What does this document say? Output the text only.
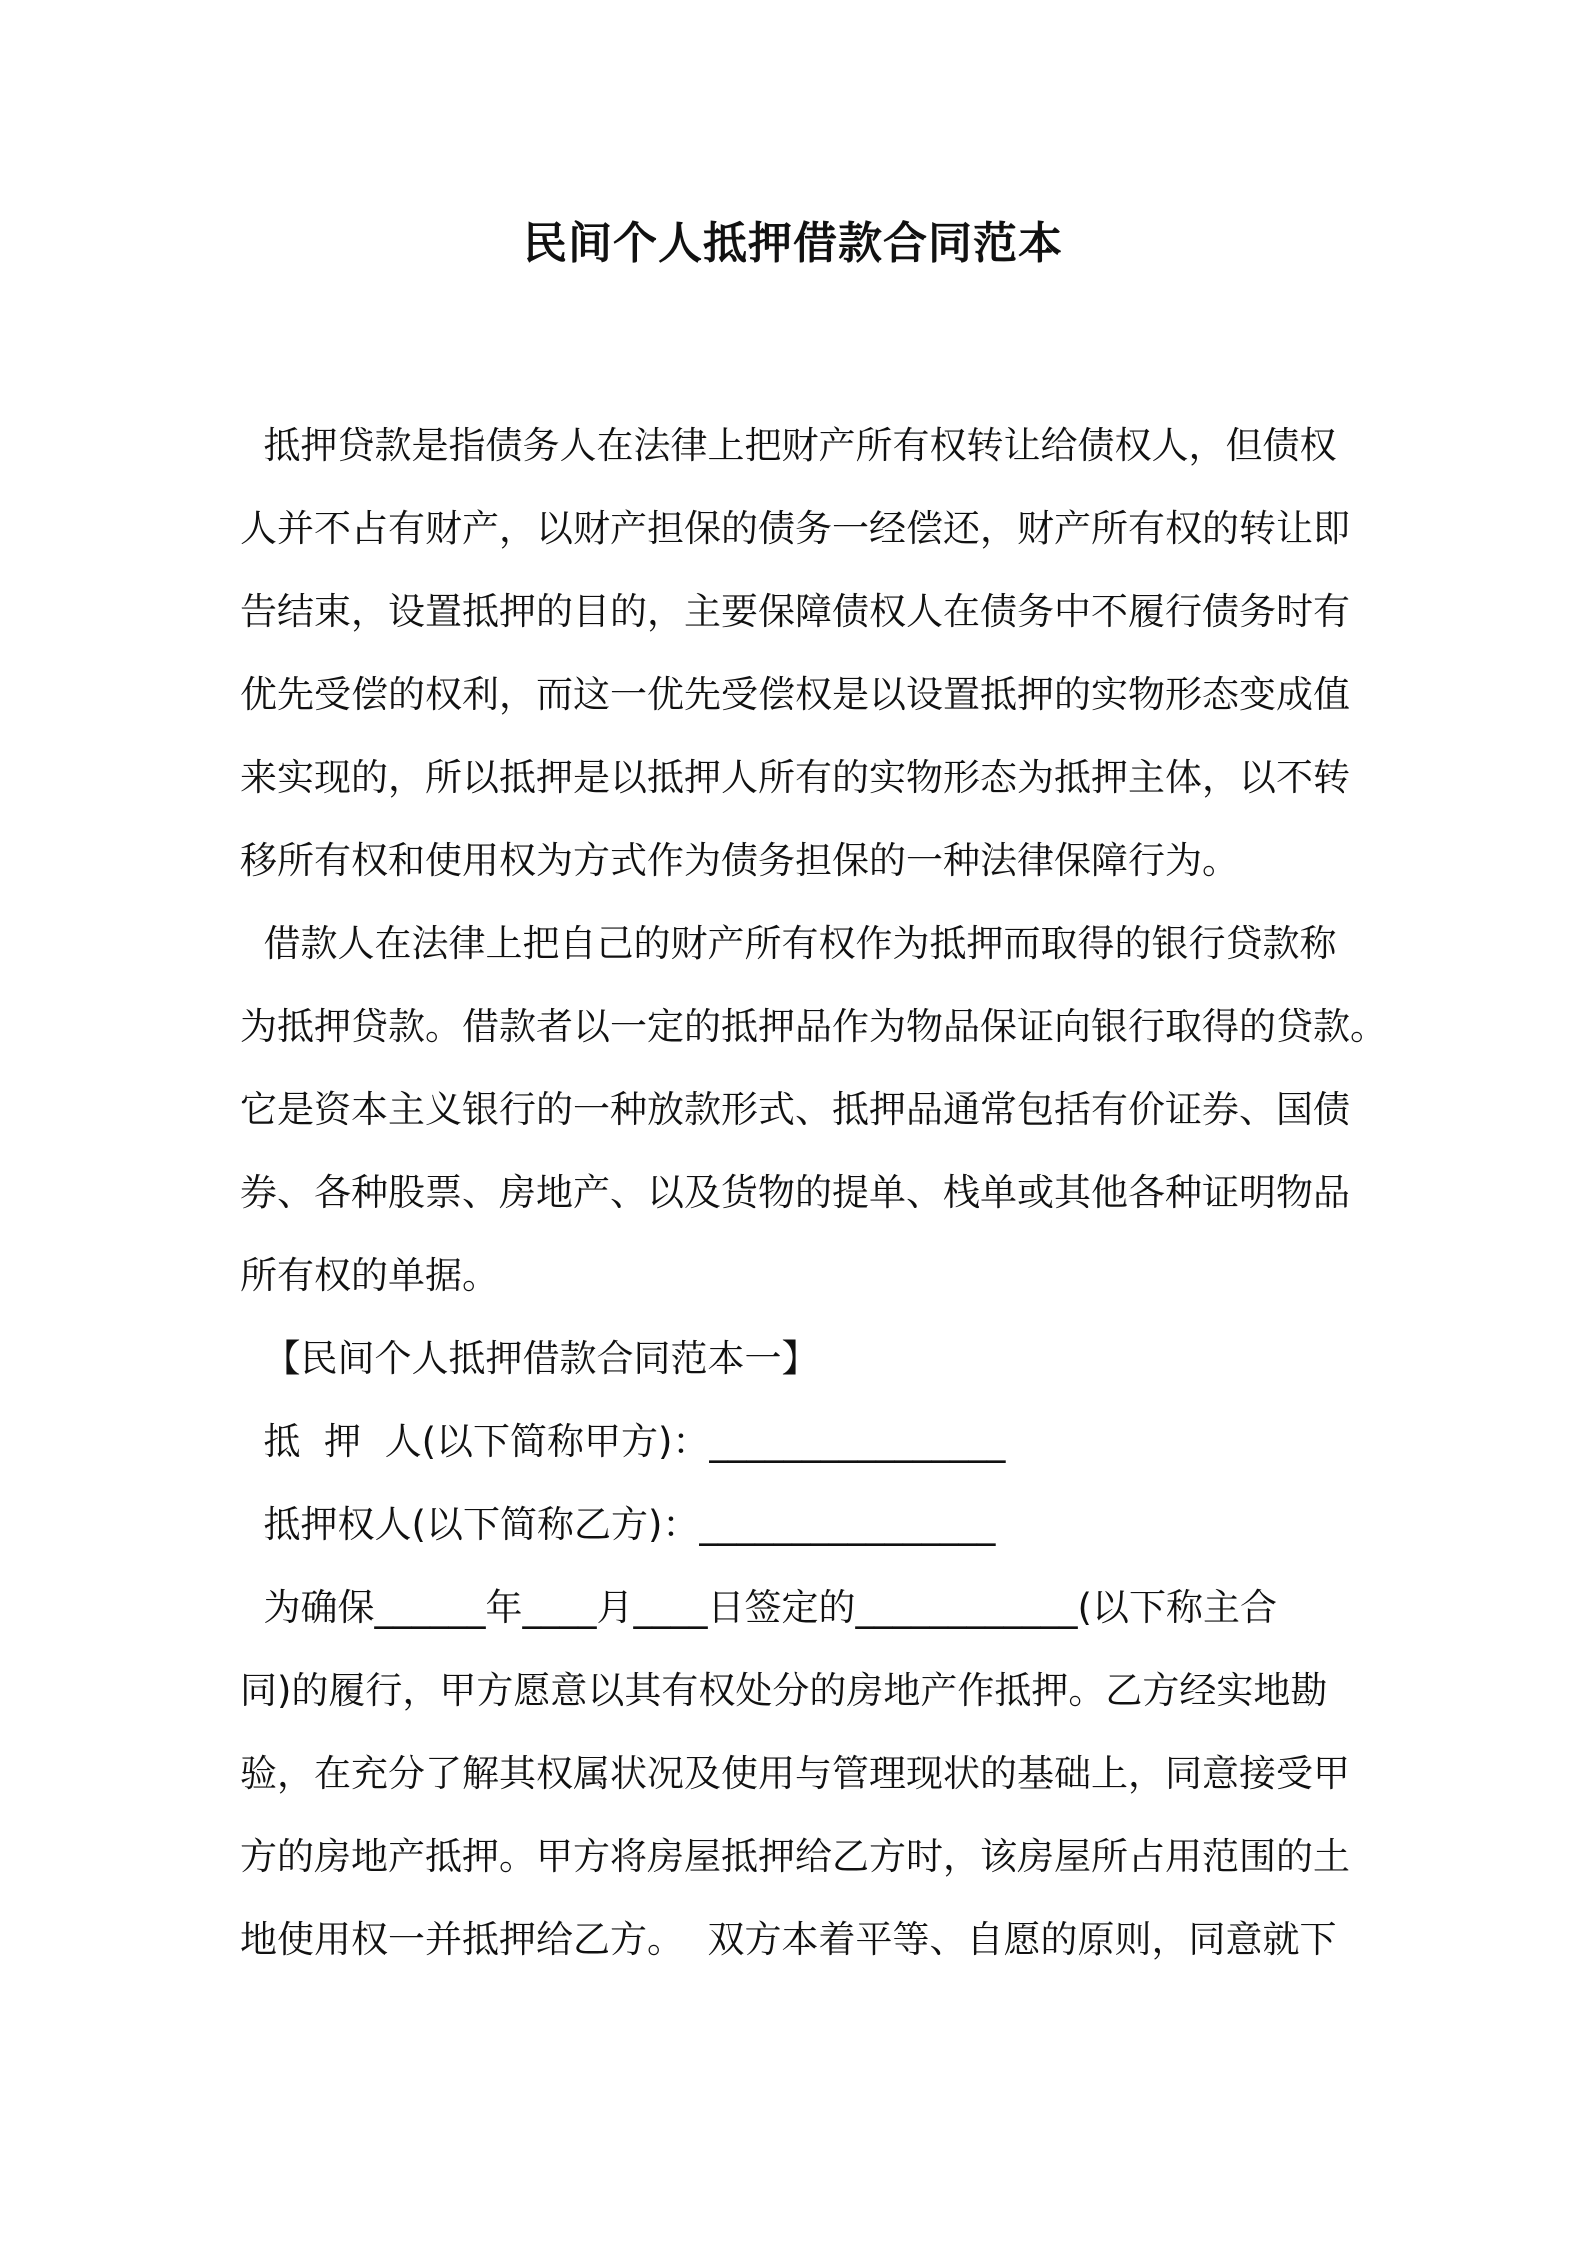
民间个人抵押借款合同范本
抵押贷款是指债务人在法律上把财产所有权转让给债权人，但债权
人并不占有财产，以财产担保的债务一经偿还，财产所有权的转让即
告结束，设置抵押的目的，主要保障债权人在债务中不履行债务时有
优先受偿的权利，而这一优先受偿权是以设置抵押的实物形态变成值
来实现的，所以抵押是以抵押人所有的实物形态为抵押主体，以不转
移所有权和使用权为方式作为债务担保的一种法律保障行为。
借款人在法律上把自己的财产所有权作为抵押而取得的银行贷款称
为抵押贷款。借款者以一定的抵押品作为物品保证向银行取得的贷款。
它是资本主义银行的一种放款形式、抵押品通常包括有价证券、国债
券、各种股票、房地产、以及货物的提单、栈单或其他各种证明物品
所有权的单据。
【民间个人抵押借款合同范本一】
抵  押  人(以下简称甲方)：________________
抵押权人(以下简称乙方)：________________
为确保______年____月____日签定的____________(以下称主合
同)的履行，甲方愿意以其有权处分的房地产作抵押。乙方经实地勘
验，在充分了解其权属状况及使用与管理现状的基础上，同意接受甲
方的房地产抵押。甲方将房屋抵押给乙方时，该房屋所占用范围的土
地使用权一并抵押给乙方。  双方本着平等、自愿的原则，同意就下
